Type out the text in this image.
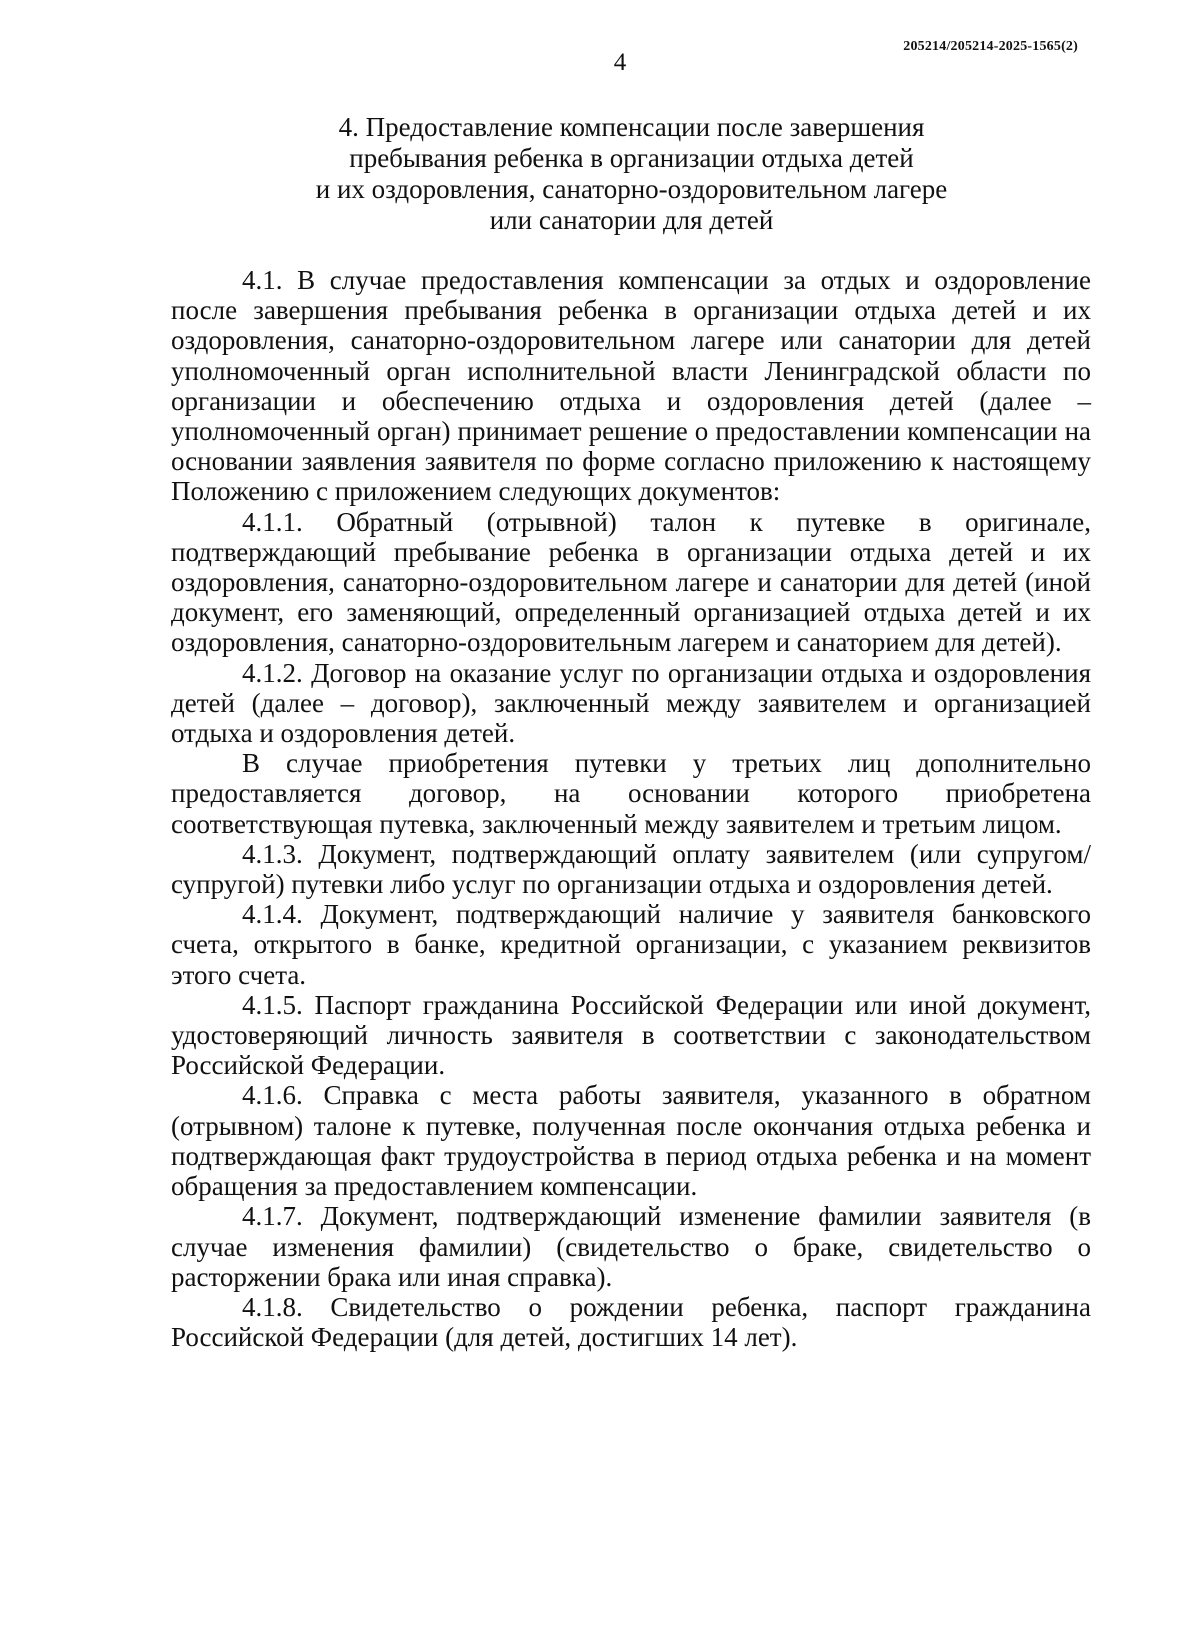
205214/205214-2025-1565(2)
4
4. Предоставление компенсации после завершения
пребывания ребенка в организации отдыха детей
и их оздоровления, санаторно-оздоровительном лагере
или санатории для детей

4.1. В случае предоставления компенсации за отдых и оздоровление после завершения пребывания ребенка в организации отдыха детей и их оздоровления, санаторно-оздоровительном лагере или санатории для детей уполномоченный орган исполнительной власти Ленинградской области по организации и обеспечению отдыха и оздоровления детей (далее – уполномоченный орган) принимает решение о предоставлении компенсации на основании заявления заявителя по форме согласно приложению к настоящему Положению с приложением следующих документов:

4.1.1. Обратный (отрывной) талон к путевке в оригинале, подтверждающий пребывание ребенка в организации отдыха детей и их оздоровления, санаторно-оздоровительном лагере и санатории для детей (иной документ, его заменяющий, определенный организацией отдыха детей и их оздоровления, санаторно-оздоровительным лагерем и санаторием для детей).

4.1.2. Договор на оказание услуг по организации отдыха и оздоровления детей (далее – договор), заключенный между заявителем и организацией отдыха и оздоровления детей.

В случае приобретения путевки у третьих лиц дополнительно предоставляется договор, на основании которого приобретена соответствующая путевка, заключенный между заявителем и третьим лицом.

4.1.3. Документ, подтверждающий оплату заявителем (или супругом/супругой) путевки либо услуг по организации отдыха и оздоровления детей.

4.1.4. Документ, подтверждающий наличие у заявителя банковского счета, открытого в банке, кредитной организации, с указанием реквизитов этого счета.

4.1.5. Паспорт гражданина Российской Федерации или иной документ, удостоверяющий личность заявителя в соответствии с законодательством Российской Федерации.

4.1.6. Справка с места работы заявителя, указанного в обратном (отрывном) талоне к путевке, полученная после окончания отдыха ребенка и подтверждающая факт трудоустройства в период отдыха ребенка и на момент обращения за предоставлением компенсации.

4.1.7. Документ, подтверждающий изменение фамилии заявителя (в случае изменения фамилии) (свидетельство о браке, свидетельство о расторжении брака или иная справка).

4.1.8. Свидетельство о рождении ребенка, паспорт гражданина Российской Федерации (для детей, достигших 14 лет).
